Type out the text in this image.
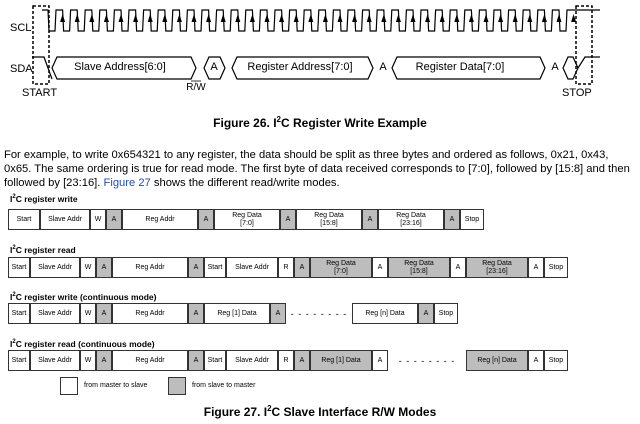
SCL
SDA
START	STOP
Slave Address[6:0]	Register Address[7:0]	Register Data[7:0]
A	A	A
R/W
Figure 26. $I^2C$ Register Write Example
For example, to write 0x654321 to any register, the data should be split as three bytes and ordered as follows, 0x21, 0x43, 0x65. The same ordering is true for read mode. The first byte of data received corresponds to [7:0], followed by [15:8] and then followed by [23:16]. Figure 27 shows the different read/write modes.
$I^2C$ register write
Start	Slave Addr	W	A	Reg Addr	A
Reg Data
[7:0]
A
Reg Data
[15:8]
A
Reg Data
[23:16]
A	Stop
$I^2C$ register read
Start	Slave Addr	W	A	Reg Addr	A	Start	Slave Addr	R	A
Reg Data
[7:0]
A
Reg Data
[15:8]
A
Reg Data
[23:16]
A	Stop
$I^2C$ register write (continuous mode)
Start	Slave Addr	W	A	Reg Addr	A	Reg [1] Data	A	- - - - - - - -	Reg [n] Data	A	Stop
$I^2C$ register read (continuous mode)
Start	Slave Addr	W	A	Reg Addr	A	Start	Slave Addr	R	A	Reg [1] Data	A	- - - - - - - -	Reg [n] Data	A	Stop
from master to slave	from slave to master
Figure 27. $I^2C$ Slave Interface R/W Modes
